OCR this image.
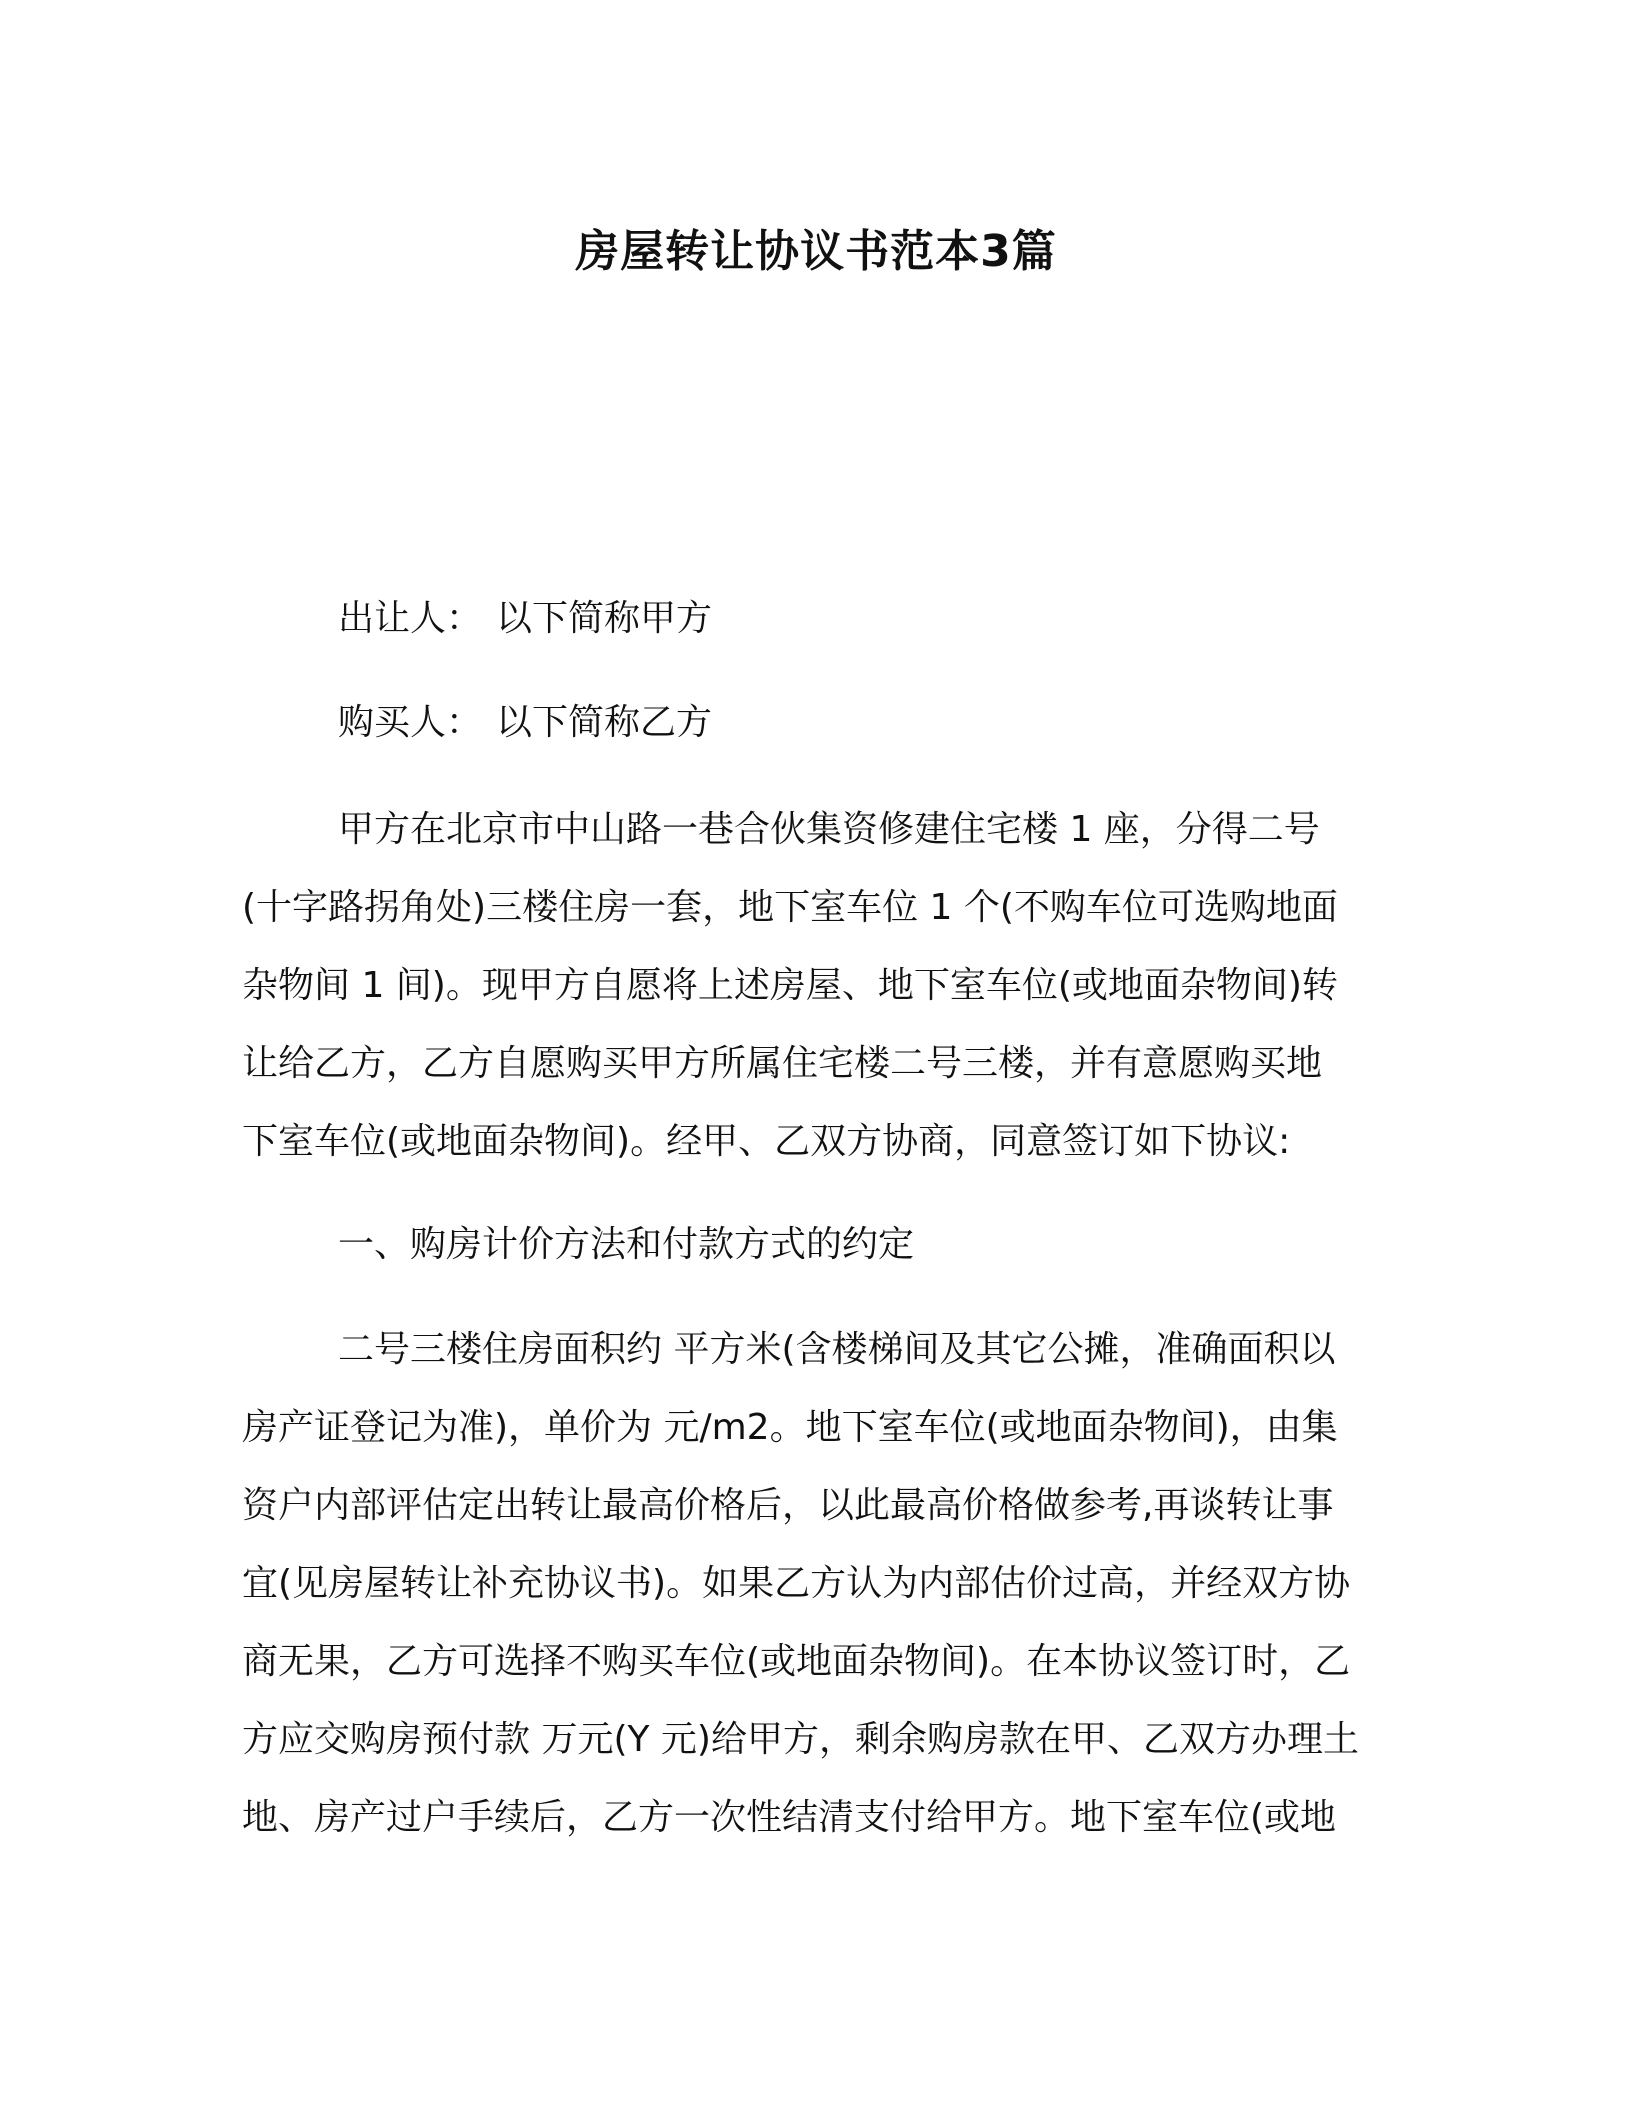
房屋转让协议书范本3篇
出让人： 以下简称甲方
购买人： 以下简称乙方
甲方在北京市中山路一巷合伙集资修建住宅楼 1 座，分得二号
(十字路拐角处)三楼住房一套，地下室车位 1 个(不购车位可选购地面
杂物间 1 间)。现甲方自愿将上述房屋、地下室车位(或地面杂物间)转
让给乙方，乙方自愿购买甲方所属住宅楼二号三楼，并有意愿购买地
下室车位(或地面杂物间)。经甲、乙双方协商，同意签订如下协议:
一、购房计价方法和付款方式的约定
二号三楼住房面积约 平方米(含楼梯间及其它公摊，准确面积以
房产证登记为准)，单价为 元/m2。地下室车位(或地面杂物间)，由集
资户内部评估定出转让最高价格后，以此最高价格做参考,再谈转让事
宜(见房屋转让补充协议书)。如果乙方认为内部估价过高，并经双方协
商无果，乙方可选择不购买车位(或地面杂物间)。在本协议签订时，乙
方应交购房预付款 万元(Y 元)给甲方，剩余购房款在甲、乙双方办理土
地、房产过户手续后，乙方一次性结清支付给甲方。地下室车位(或地
